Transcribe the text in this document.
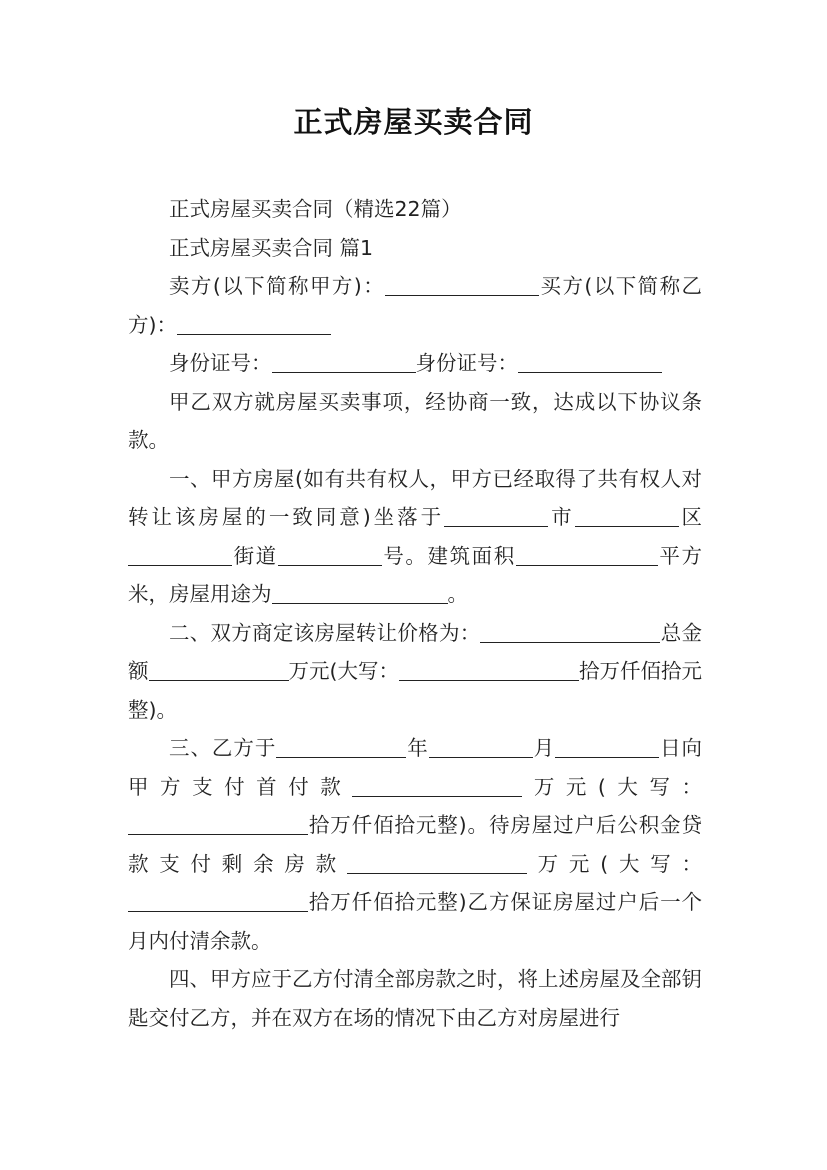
正式房屋买卖合同

正式房屋买卖合同（精选22篇）

正式房屋买卖合同 篇1

卖方(以下简称甲方)：	买方(以下简称乙方)：

身份证号：	身份证号：

甲乙双方就房屋买卖事项，经协商一致，达成以下协议条款。

一、甲方房屋(如有共有权人，甲方已经取得了共有权人对转让该房屋的一致同意)坐落于	市	区街道	号。建筑面积	平方米，房屋用途为	。

二、双方商定该房屋转让价格为：	总金额	万元(大写：	拾万仟佰拾元整)。

三、乙方于	年	月	日向甲方支付首付款	万元(大写：拾万仟佰拾元整)。待房屋过户后公积金贷款支付剩余房款	万元(大写：拾万仟佰拾元整)乙方保证房屋过户后一个月内付清余款。

四、甲方应于乙方付清全部房款之时，将上述房屋及全部钥匙交付乙方，并在双方在场的情况下由乙方对房屋进行
